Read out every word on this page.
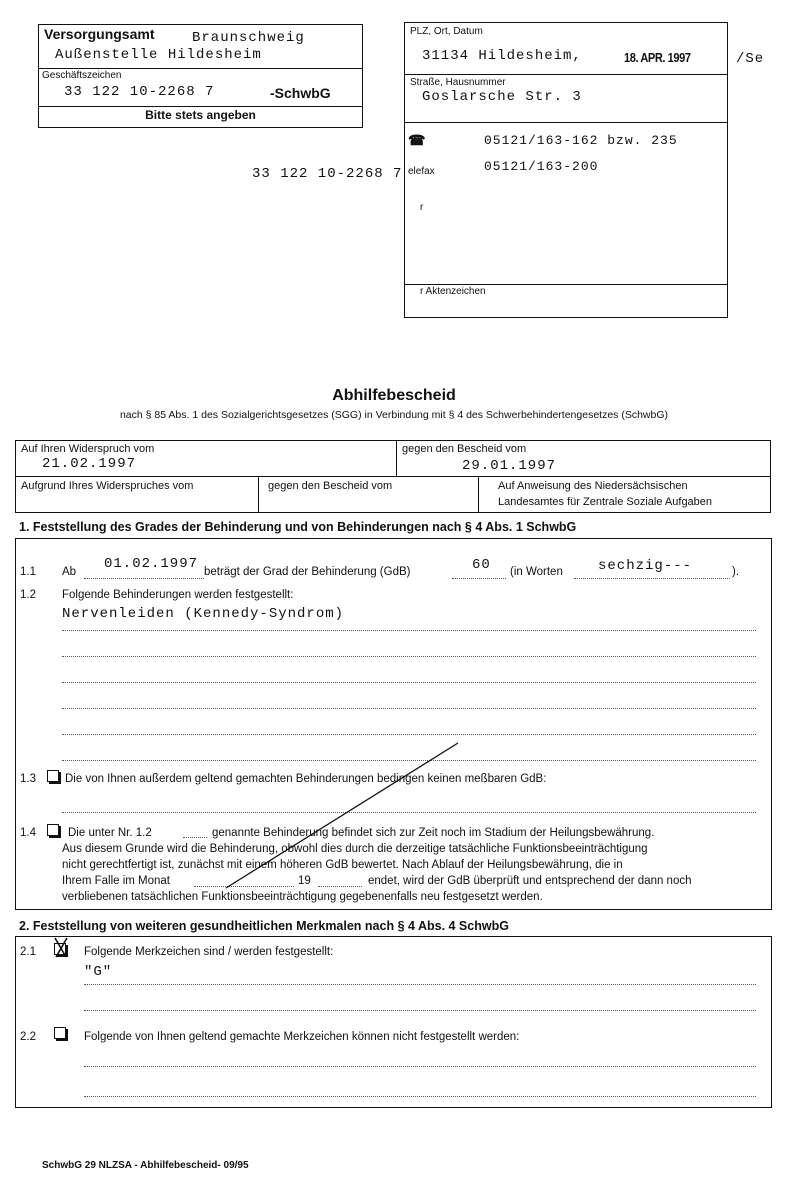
Versorgungsamt	Braunschweig
Außenstelle Hildesheim
Geschäftszeichen
33 122 10-2268 7	-SchwbG
Bitte stets angeben
33 122 10-2268 7
PLZ, Ort, Datum
31134 Hildesheim,	18. APR. 1997	/Se
Straße, Hausnummer
Goslarsche Str. 3
☎	05121/163-162 bzw. 235
elefax	05121/163-200
r
r Aktenzeichen
Abhilfebescheid
nach § 85 Abs. 1 des Sozialgerichtsgesetzes (SGG) in Verbindung mit § 4 des Schwerbehindertengesetzes (SchwbG)
Auf Ihren Widerspruch vom
21.02.1997
gegen den Bescheid vom
29.01.1997
Aufgrund Ihres Widerspruches vom	gegen den Bescheid vom	Auf Anweisung des Niedersächsischen
Landesamtes für Zentrale Soziale Aufgaben
1. Feststellung des Grades der Behinderung und von Behinderungen nach § 4 Abs. 1 SchwbG
1.1 Ab 01.02.1997 beträgt der Grad der Behinderung (GdB)	60 (in Worten	sechzig---	).
1.2 Folgende Behinderungen werden festgestellt:
Nervenleiden (Kennedy-Syndrom)
1.3	Die von Ihnen außerdem geltend gemachten Behinderungen bedingen keinen meßbaren GdB:
1.4	Die unter Nr. 1.2	genannte Behinderung befindet sich zur Zeit noch im Stadium der Heilungsbewährung.
Aus diesem Grunde wird die Behinderung, obwohl dies durch die derzeitige tatsächliche Funktionsbeeinträchtigung
nicht gerechtfertigt ist, zunächst mit einem höheren GdB bewertet. Nach Ablauf der Heilungsbewährung, die in
Ihrem Falle im Monat	19	endet, wird der GdB überprüft und entsprechend der dann noch
verbliebenen tatsächlichen Funktionsbeeinträchtigung gegebenenfalls neu festgesetzt werden.
2. Feststellung von weiteren gesundheitlichen Merkmalen nach § 4 Abs. 4 SchwbG
2.1	Folgende Merkzeichen sind / werden festgestellt:
"G"
2.2	Folgende von Ihnen geltend gemachte Merkzeichen können nicht festgestellt werden:
SchwbG 29 NLZSA - Abhilfebescheid- 09/95
